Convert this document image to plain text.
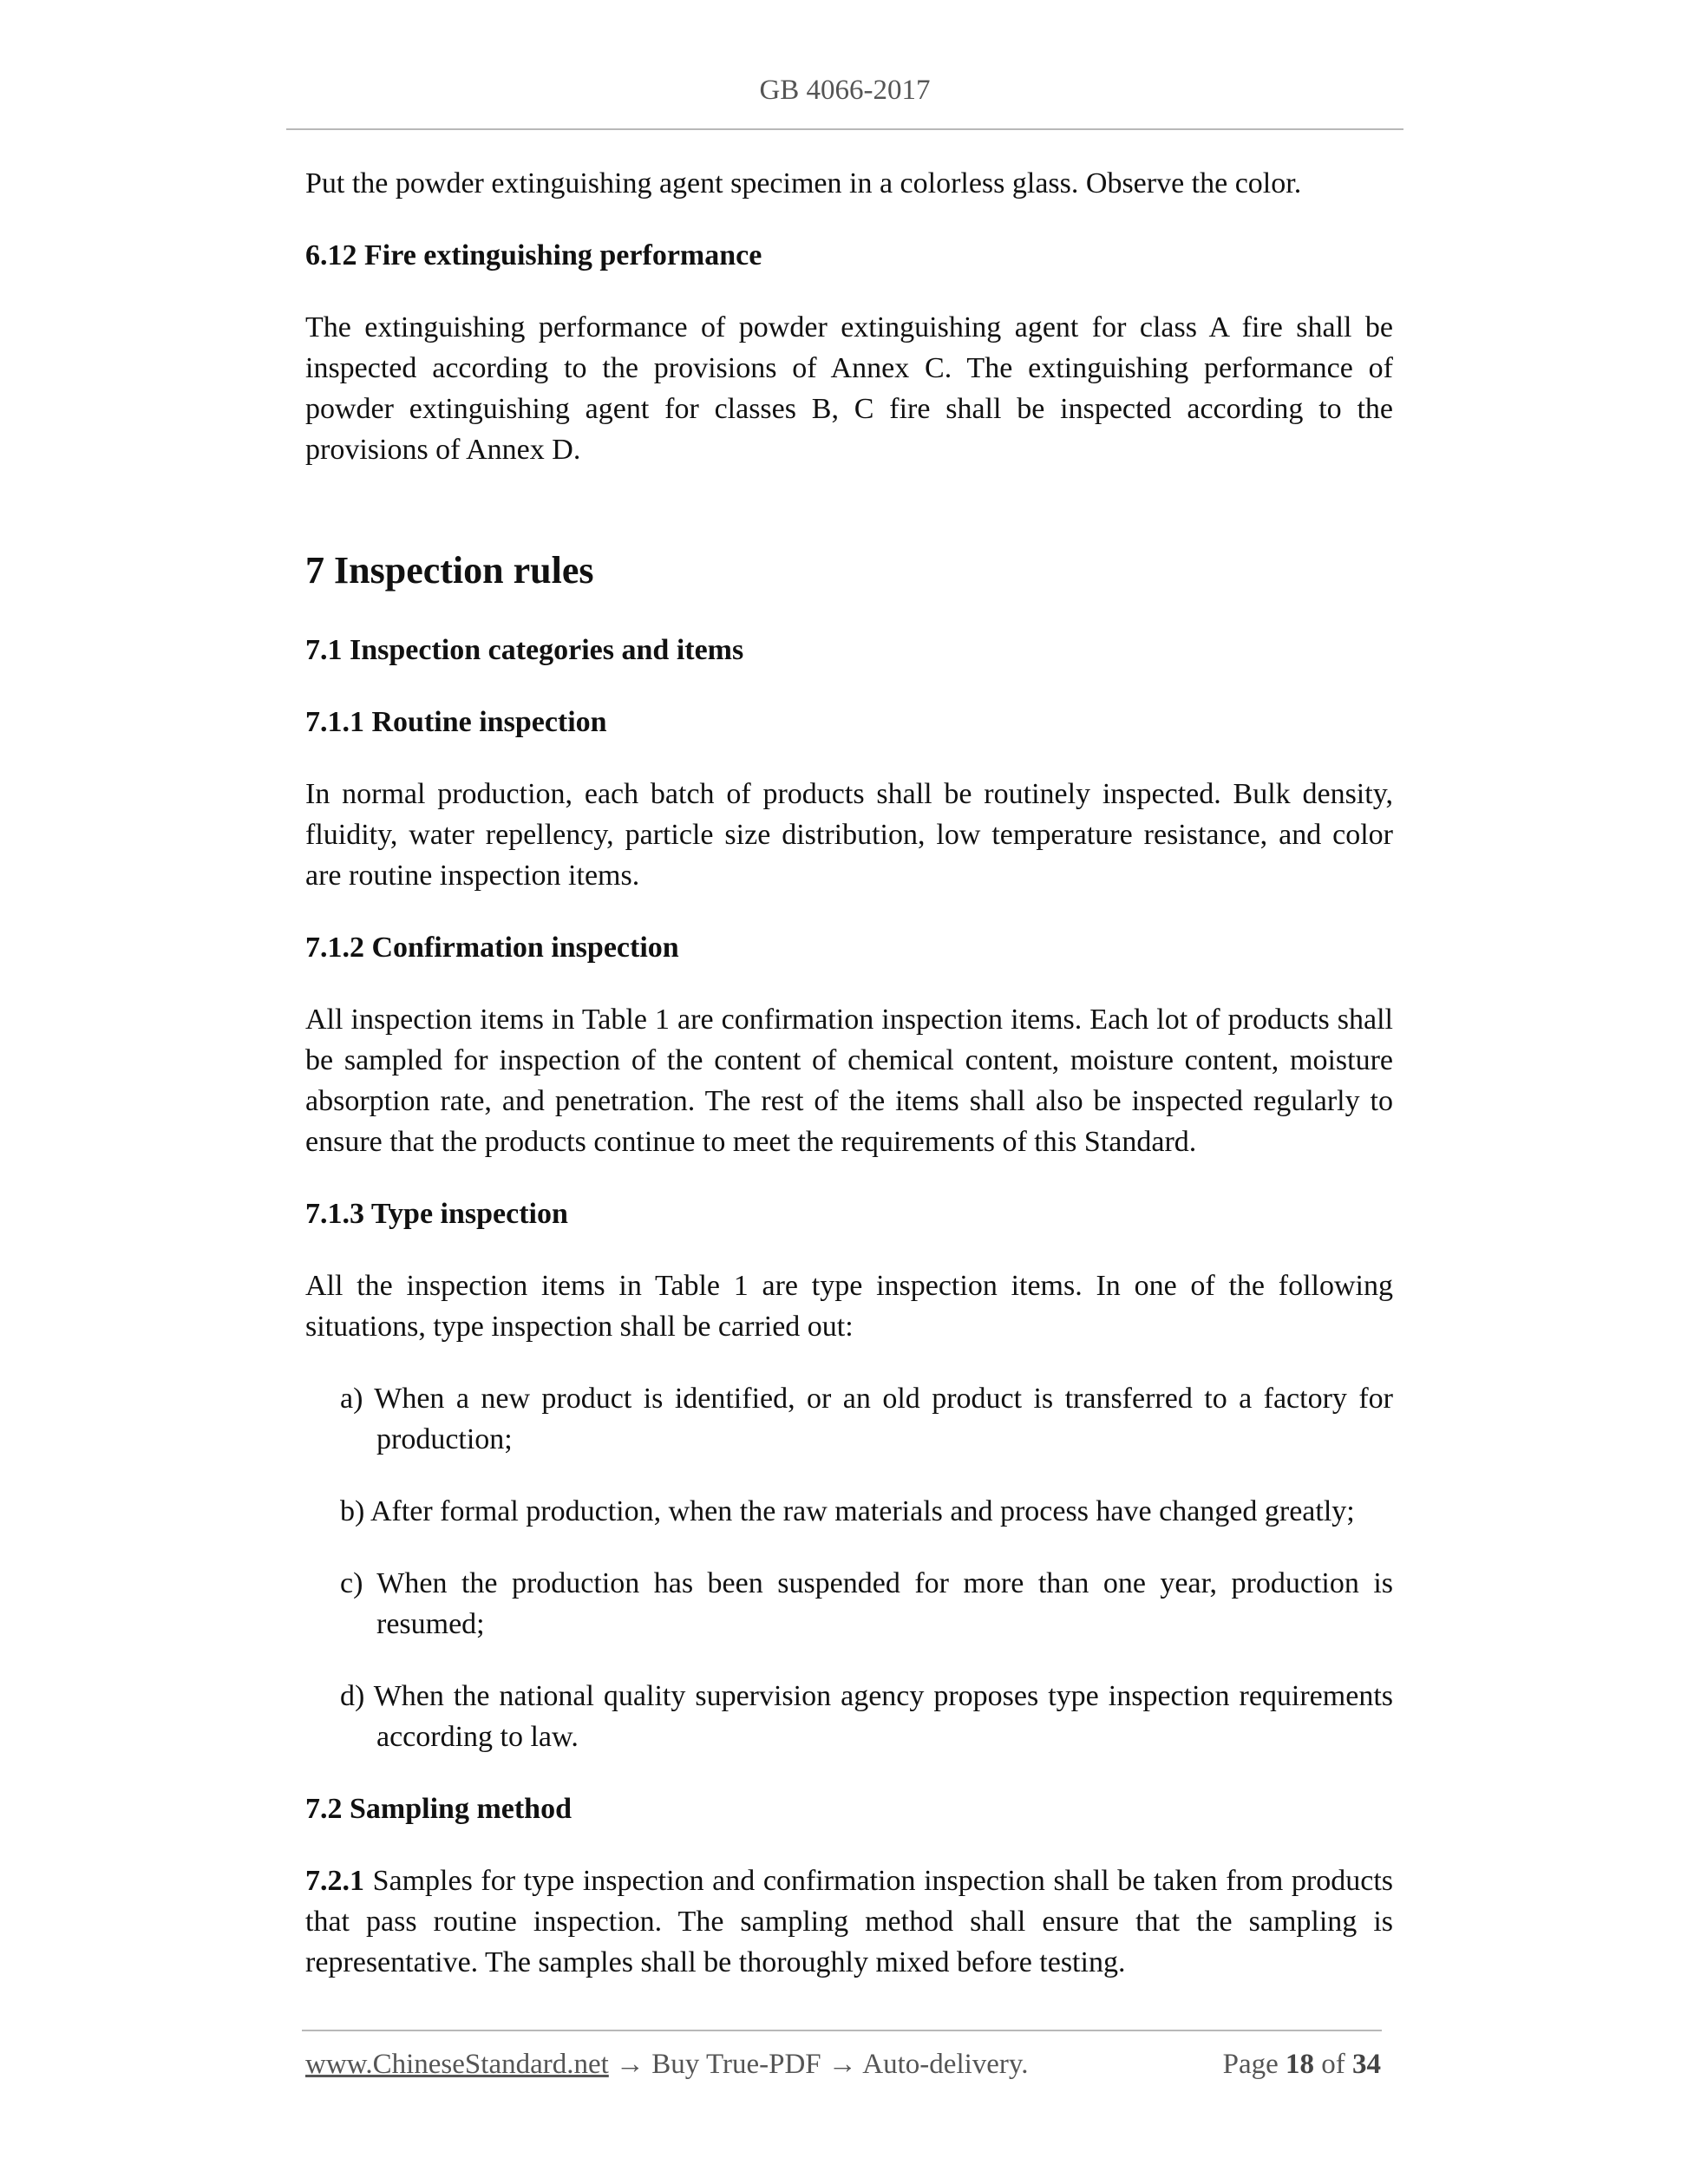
GB 4066-2017

Put the powder extinguishing agent specimen in a colorless glass. Observe the color.

6.12 Fire extinguishing performance

The extinguishing performance of powder extinguishing agent for class A fire shall be inspected according to the provisions of Annex C. The extinguishing performance of powder extinguishing agent for classes B, C fire shall be inspected according to the provisions of Annex D.

7 Inspection rules
7.1 Inspection categories and items
7.1.1 Routine inspection

In normal production, each batch of products shall be routinely inspected. Bulk density, fluidity, water repellency, particle size distribution, low temperature resistance, and color are routine inspection items.

7.1.2 Confirmation inspection

All inspection items in Table 1 are confirmation inspection items. Each lot of products shall be sampled for inspection of the content of chemical content, moisture content, moisture absorption rate, and penetration. The rest of the items shall also be inspected regularly to ensure that the products continue to meet the requirements of this Standard.

7.1.3 Type inspection

All the inspection items in Table 1 are type inspection items. In one of the following situations, type inspection shall be carried out:

a) When a new product is identified, or an old product is transferred to a factory for production;

b) After formal production, when the raw materials and process have changed greatly;

c) When the production has been suspended for more than one year, production is resumed;

d) When the national quality supervision agency proposes type inspection requirements according to law.

7.2 Sampling method

7.2.1 Samples for type inspection and confirmation inspection shall be taken from products that pass routine inspection. The sampling method shall ensure that the sampling is representative. The samples shall be thoroughly mixed before testing.

www.ChineseStandard.net → Buy True-PDF → Auto-delivery.	Page 18 of 34
